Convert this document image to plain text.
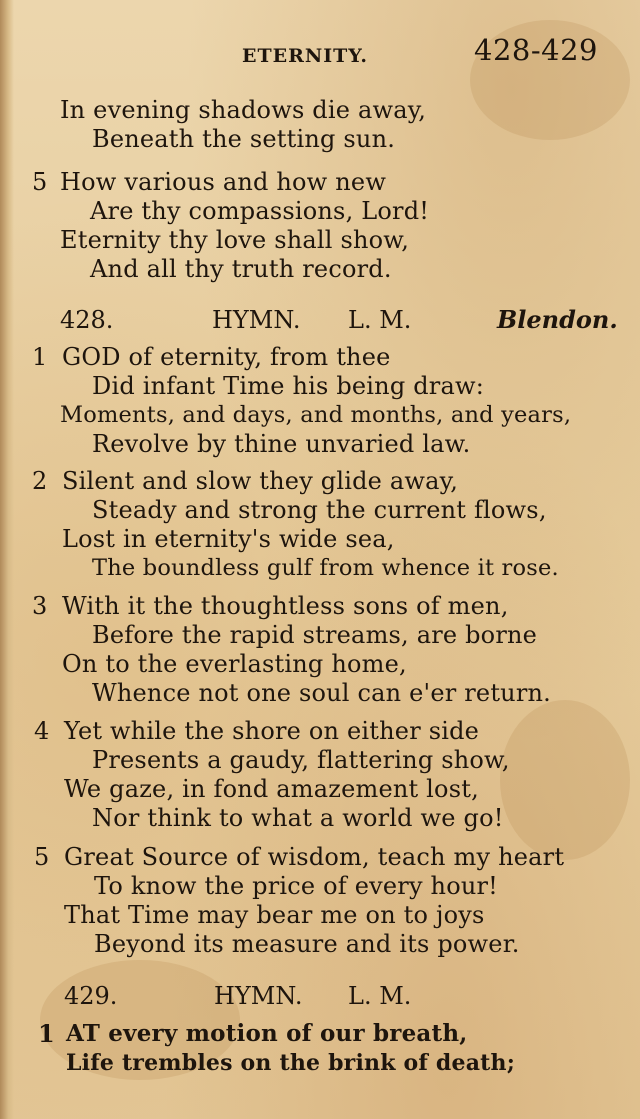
ETERNITY.	428-429
In evening shadows die away,
Beneath the setting sun.
5 How various and how new
Are thy compassions, Lord!
Eternity thy love shall show,
And all thy truth record.
428.	HYMN. L. M.	Blendon.
1 GOD of eternity, from thee
Did infant Time his being draw:
Moments, and days, and months, and years,
Revolve by thine unvaried law.
2 Silent and slow they glide away,
Steady and strong the current flows,
Lost in eternity's wide sea,
The boundless gulf from whence it rose.
3 With it the thoughtless sons of men,
Before the rapid streams, are borne
On to the everlasting home,
Whence not one soul can e'er return.
4 Yet while the shore on either side
Presents a gaudy, flattering show,
We gaze, in fond amazement lost,
Nor think to what a world we go!
5 Great Source of wisdom, teach my heart
To know the price of every hour!
That Time may bear me on to joys
Beyond its measure and its power.
429.	HYMN. L. M.
1 AT every motion of our breath,
Life trembles on the brink of death;
